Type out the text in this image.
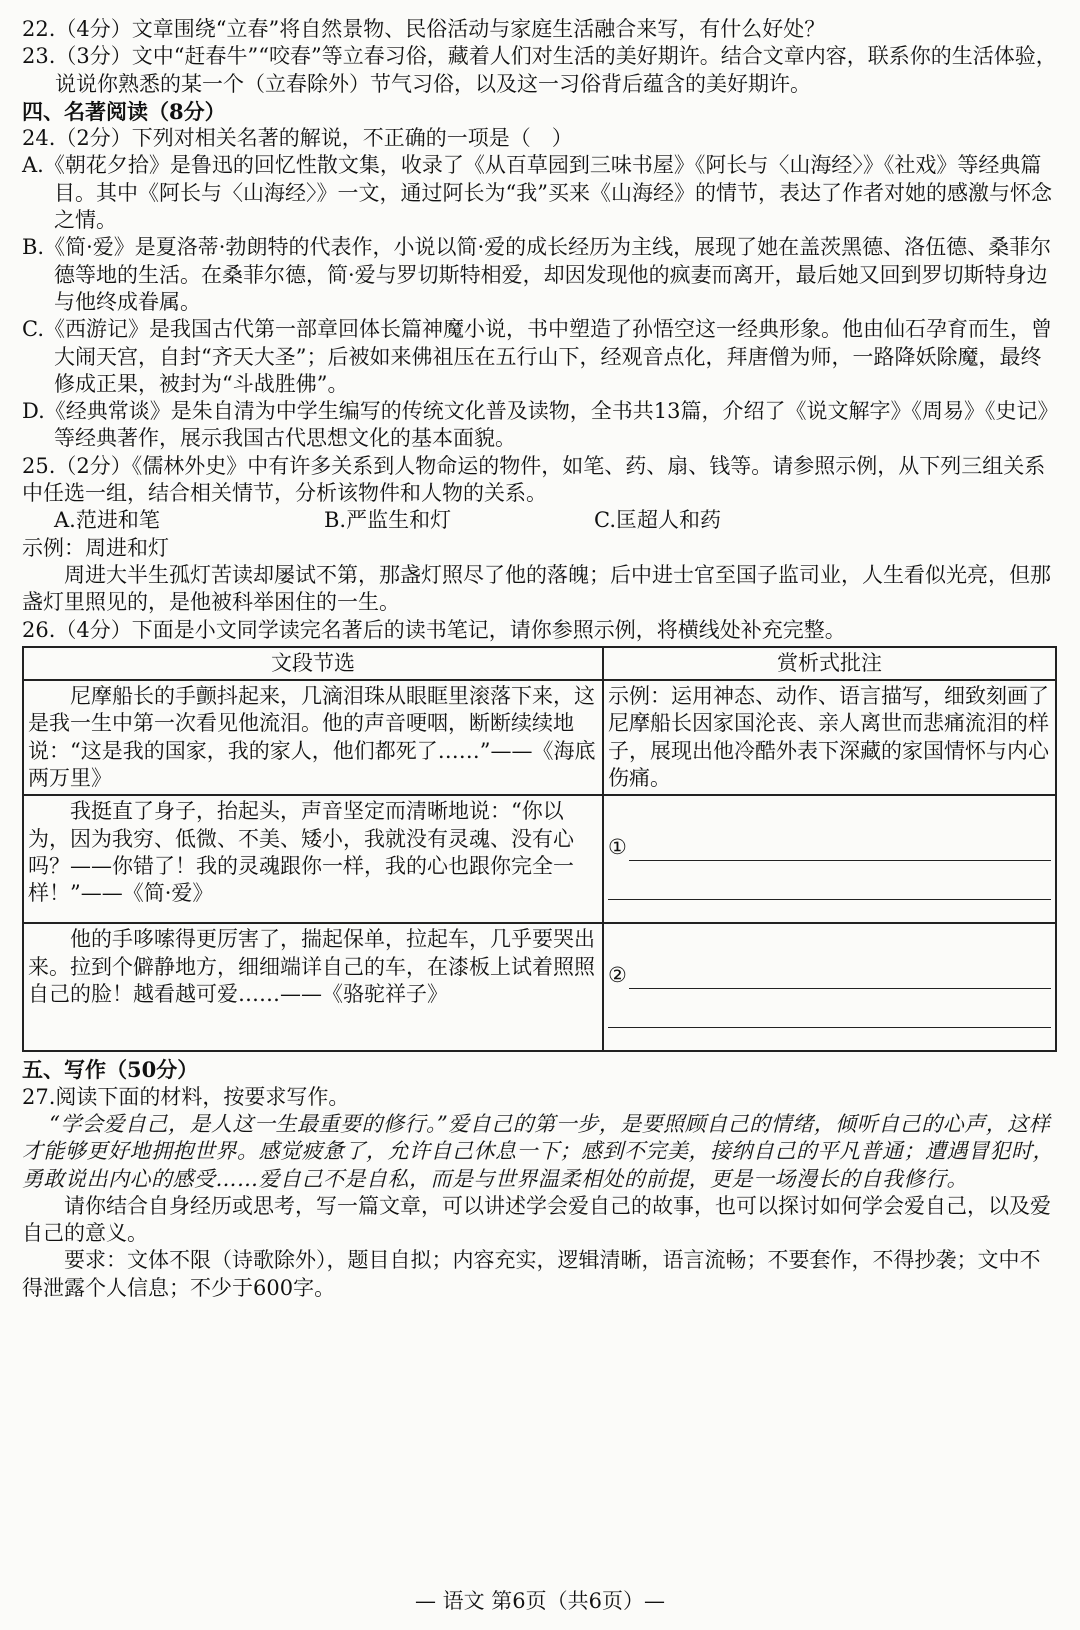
22.（4分）文章围绕“立春”将自然景物、民俗活动与家庭生活融合来写，有什么好处？

23.（3分）文中“赶春牛”“咬春”等立春习俗，藏着人们对生活的美好期许。结合文章内容，联系你的生活体验，说说你熟悉的某一个（立春除外）节气习俗，以及这一习俗背后蕴含的美好期许。

四、名著阅读（8分）

24.（2分）下列对相关名著的解说，不正确的一项是（　）

A.《朝花夕拾》是鲁迅的回忆性散文集，收录了《从百草园到三味书屋》《阿长与〈山海经〉》《社戏》等经典篇目。其中《阿长与〈山海经〉》一文，通过阿长为“我”买来《山海经》的情节，表达了作者对她的感激与怀念之情。

B.《简·爱》是夏洛蒂·勃朗特的代表作，小说以简·爱的成长经历为主线，展现了她在盖茨黑德、洛伍德、桑菲尔德等地的生活。在桑菲尔德，简·爱与罗切斯特相爱，却因发现他的疯妻而离开，最后她又回到罗切斯特身边与他终成眷属。

C.《西游记》是我国古代第一部章回体长篇神魔小说，书中塑造了孙悟空这一经典形象。他由仙石孕育而生，曾大闹天宫，自封“齐天大圣”；后被如来佛祖压在五行山下，经观音点化，拜唐僧为师，一路降妖除魔，最终修成正果，被封为“斗战胜佛”。

D.《经典常谈》是朱自清为中学生编写的传统文化普及读物，全书共13篇，介绍了《说文解字》《周易》《史记》等经典著作，展示我国古代思想文化的基本面貌。

25.（2分）《儒林外史》中有许多关系到人物命运的物件，如笔、药、扇、钱等。请参照示例，从下列三组关系中任选一组，结合相关情节，分析该物件和人物的关系。

A.范进和笔	B.严监生和灯	C.匡超人和药

示例：周进和灯

周进大半生孤灯苦读却屡试不第，那盏灯照尽了他的落魄；后中进士官至国子监司业，人生看似光亮，但那盏灯里照见的，是他被科举困住的一生。

26.（4分）下面是小文同学读完名著后的读书笔记，请你参照示例，将横线处补充完整。

文段节选	赏析式批注
尼摩船长的手颤抖起来，几滴泪珠从眼眶里滚落下来，这是我一生中第一次看见他流泪。他的声音哽咽，断断续续地说：“这是我的国家，我的家人，他们都死了……”——《海底两万里》	示例：运用神态、动作、语言描写，细致刻画了尼摩船长因家国沦丧、亲人离世而悲痛流泪的样子，展现出他冷酷外表下深藏的家国情怀与内心伤痛。
我挺直了身子，抬起头，声音坚定而清晰地说：“你以为，因为我穷、低微、不美、矮小，我就没有灵魂、没有心吗？——你错了！我的灵魂跟你一样，我的心也跟你完全一样！”——《简·爱》	①

他的手哆嗦得更厉害了，揣起保单，拉起车，几乎要哭出来。拉到个僻静地方，细细端详自己的车，在漆板上试着照照自己的脸！越看越可爱……——《骆驼祥子》	②

五、写作（50分）

27.阅读下面的材料，按要求写作。

“学会爱自己，是人这一生最重要的修行。”爱自己的第一步，是要照顾自己的情绪，倾听自己的心声，这样才能够更好地拥抱世界。感觉疲惫了，允许自己休息一下；感到不完美，接纳自己的平凡普通；遭遇冒犯时，勇敢说出内心的感受……爱自己不是自私，而是与世界温柔相处的前提，更是一场漫长的自我修行。

请你结合自身经历或思考，写一篇文章，可以讲述学会爱自己的故事，也可以探讨如何学会爱自己，以及爱自己的意义。

要求：文体不限（诗歌除外），题目自拟；内容充实，逻辑清晰，语言流畅；不要套作，不得抄袭；文中不得泄露个人信息；不少于600字。

— 语文 第6页（共6页）—
